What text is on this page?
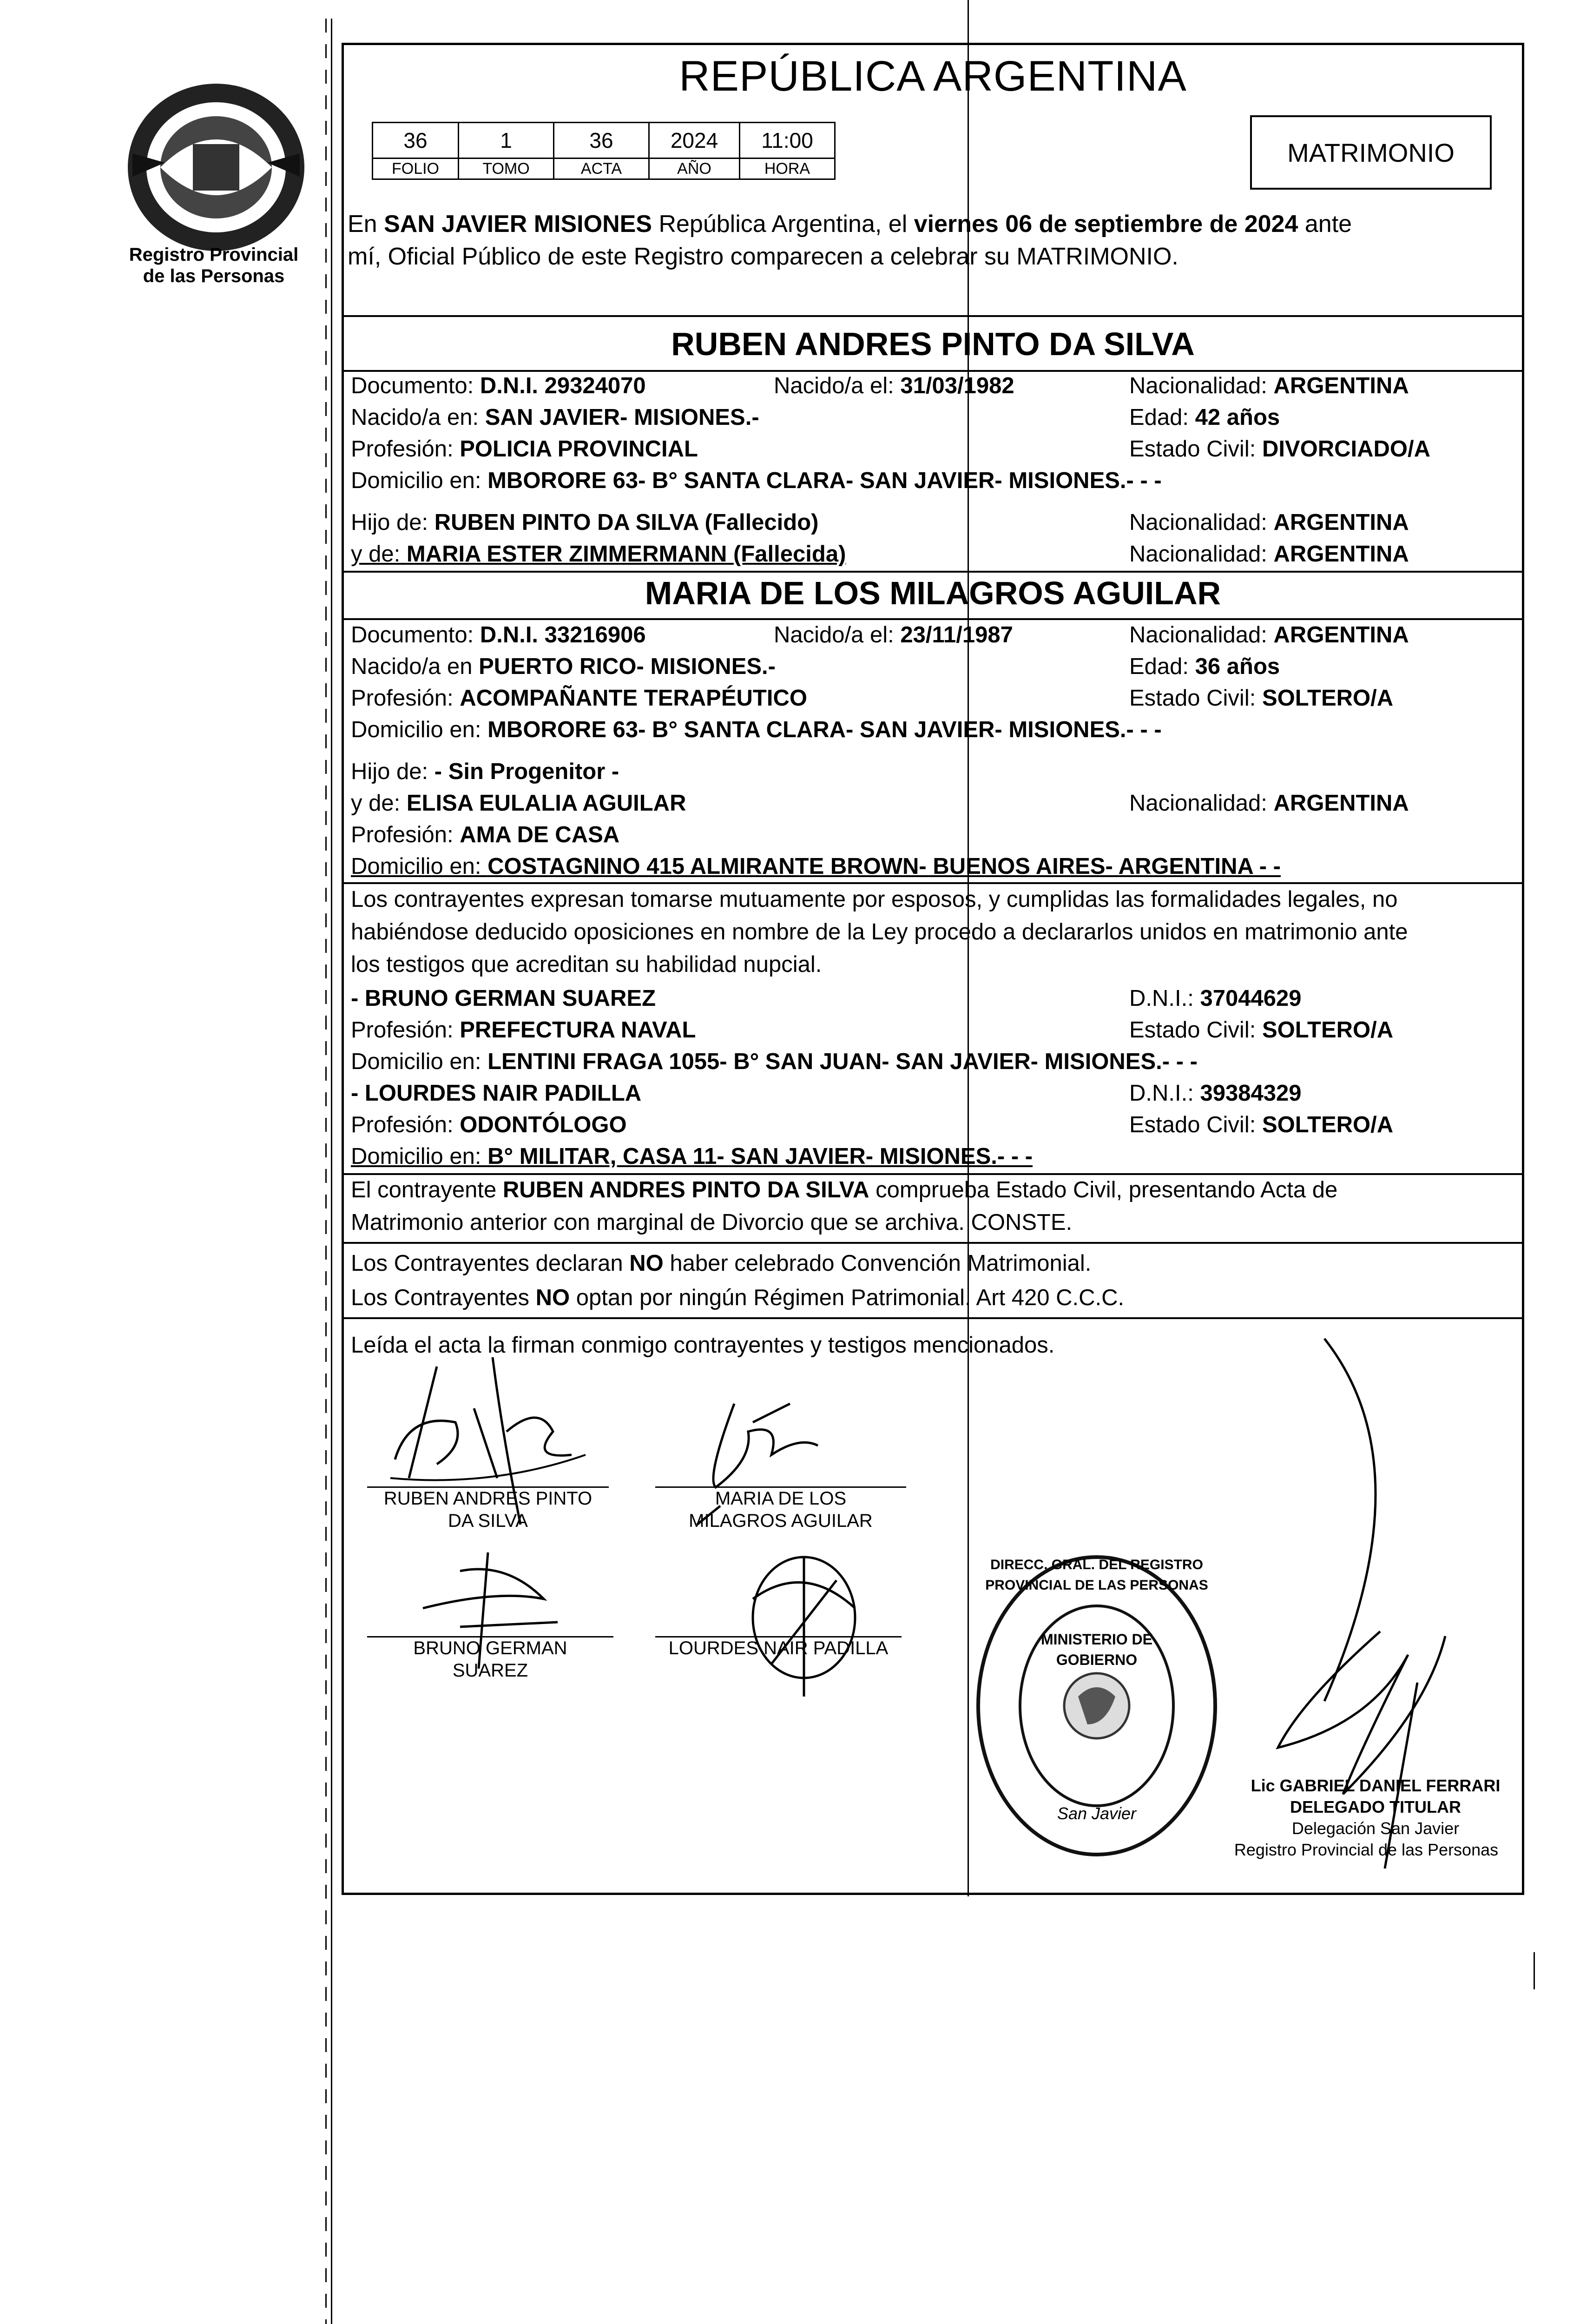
Registro Provincial
de las Personas
REPÚBLICA ARGENTINA
36	1	36	2024	11:00
FOLIO	TOMO	ACTA	AÑO	HORA
MATRIMONIO
En SAN JAVIER MISIONES República Argentina, el viernes 06 de septiembre de 2024 ante
mí, Oficial Público de este Registro comparecen a celebrar su MATRIMONIO.
RUBEN ANDRES PINTO DA SILVA
Documento: D.N.I. 29324070	Nacido/a el: 31/03/1982	Nacionalidad: ARGENTINA
Nacido/a en: SAN JAVIER- MISIONES.-	Edad: 42 años
Profesión: POLICIA PROVINCIAL	Estado Civil: DIVORCIADO/A
Domicilio en: MBORORE 63- B° SANTA CLARA- SAN JAVIER- MISIONES.- - -
Hijo de: RUBEN PINTO DA SILVA (Fallecido)	Nacionalidad: ARGENTINA
y de: MARIA ESTER ZIMMERMANN (Fallecida)	Nacionalidad: ARGENTINA
MARIA DE LOS MILAGROS AGUILAR
Documento: D.N.I. 33216906	Nacido/a el: 23/11/1987	Nacionalidad: ARGENTINA
Nacido/a en PUERTO RICO- MISIONES.-	Edad: 36 años
Profesión: ACOMPAÑANTE TERAPÉUTICO	Estado Civil: SOLTERO/A
Domicilio en: MBORORE 63- B° SANTA CLARA- SAN JAVIER- MISIONES.- - -
Hijo de: - Sin Progenitor -
y de: ELISA EULALIA AGUILAR	Nacionalidad: ARGENTINA
Profesión: AMA DE CASA
Domicilio en: COSTAGNINO 415 ALMIRANTE BROWN- BUENOS AIRES- ARGENTINA - -
Los contrayentes expresan tomarse mutuamente por esposos, y cumplidas las formalidades legales, no
habiéndose deducido oposiciones en nombre de la Ley procedo a declararlos unidos en matrimonio ante
los testigos que acreditan su habilidad nupcial.
- BRUNO GERMAN SUAREZ	D.N.I.: 37044629
Profesión: PREFECTURA NAVAL	Estado Civil: SOLTERO/A
Domicilio en: LENTINI FRAGA 1055- B° SAN JUAN- SAN JAVIER- MISIONES.- - -
- LOURDES NAIR PADILLA	D.N.I.: 39384329
Profesión: ODONTÓLOGO	Estado Civil: SOLTERO/A
Domicilio en: B° MILITAR, CASA 11- SAN JAVIER- MISIONES.- - -
El contrayente RUBEN ANDRES PINTO DA SILVA comprueba Estado Civil, presentando Acta de
Matrimonio anterior con marginal de Divorcio que se archiva. CONSTE.
Los Contrayentes declaran NO haber celebrado Convención Matrimonial.
Los Contrayentes NO optan por ningún Régimen Patrimonial. Art 420 C.C.C.
Leída el acta la firman conmigo contrayentes y testigos mencionados.
RUBEN ANDRES PINTO
DA SILVA
MARIA DE LOS
MILAGROS AGUILAR
BRUNO GERMAN
SUAREZ
LOURDES NAIR PADILLA
DIRECC. GRAL. DEL REGISTRO PROVINCIAL DE LAS PERSONAS
MINISTERIO DE GOBIERNO
San Javier
Lic GABRIEL DANIEL FERRARI
DELEGADO TITULAR
Delegación San Javier
Registro Provincial de las Personas
